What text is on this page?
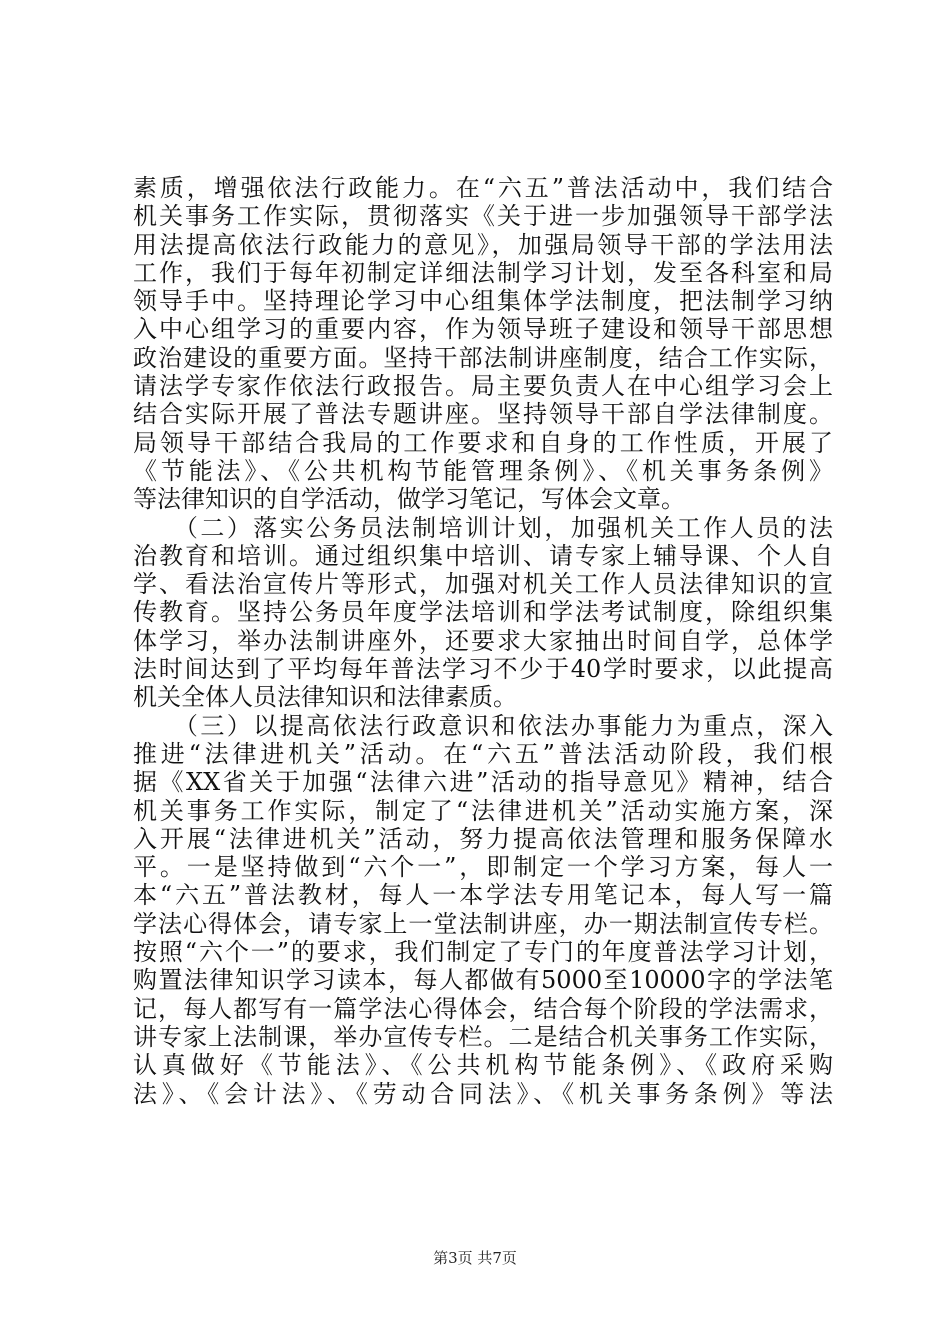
素质，增强依法行政能力。在“六五”普法活动中，我们结合
机关事务工作实际，贯彻落实《关于进一步加强领导干部学法
用法提高依法行政能力的意见》，加强局领导干部的学法用法
工作，我们于每年初制定详细法制学习计划，发至各科室和局
领导手中。坚持理论学习中心组集体学法制度，把法制学习纳
入中心组学习的重要内容，作为领导班子建设和领导干部思想
政治建设的重要方面。坚持干部法制讲座制度，结合工作实际，
请法学专家作依法行政报告。局主要负责人在中心组学习会上
结合实际开展了普法专题讲座。坚持领导干部自学法律制度。
局领导干部结合我局的工作要求和自身的工作性质，开展了
《节能法》、《公共机构节能管理条例》、《机关事务条例》
等法律知识的自学活动，做学习笔记，写体会文章。
　　（二）落实公务员法制培训计划，加强机关工作人员的法
治教育和培训。通过组织集中培训、请专家上辅导课、个人自
学、看法治宣传片等形式，加强对机关工作人员法律知识的宣
传教育。坚持公务员年度学法培训和学法考试制度，除组织集
体学习，举办法制讲座外，还要求大家抽出时间自学，总体学
法时间达到了平均每年普法学习不少于40学时要求，以此提高
机关全体人员法律知识和法律素质。
　　（三）以提高依法行政意识和依法办事能力为重点，深入
推进“法律进机关”活动。在“六五”普法活动阶段，我们根
据《XX省关于加强“法律六进”活动的指导意见》精神，结合
机关事务工作实际，制定了“法律进机关”活动实施方案，深
入开展“法律进机关”活动，努力提高依法管理和服务保障水
平。一是坚持做到“六个一”，即制定一个学习方案，每人一
本“六五”普法教材，每人一本学法专用笔记本，每人写一篇
学法心得体会，请专家上一堂法制讲座，办一期法制宣传专栏。
按照“六个一”的要求，我们制定了专门的年度普法学习计划，
购置法律知识学习读本，每人都做有5000至10000字的学法笔
记，每人都写有一篇学法心得体会，结合每个阶段的学法需求，
讲专家上法制课，举办宣传专栏。二是结合机关事务工作实际，
认真做好《节能法》、《公共机构节能条例》、《政府采购
法》、《会计法》、《劳动合同法》、《机关事务条例》等法
第3页 共7页
